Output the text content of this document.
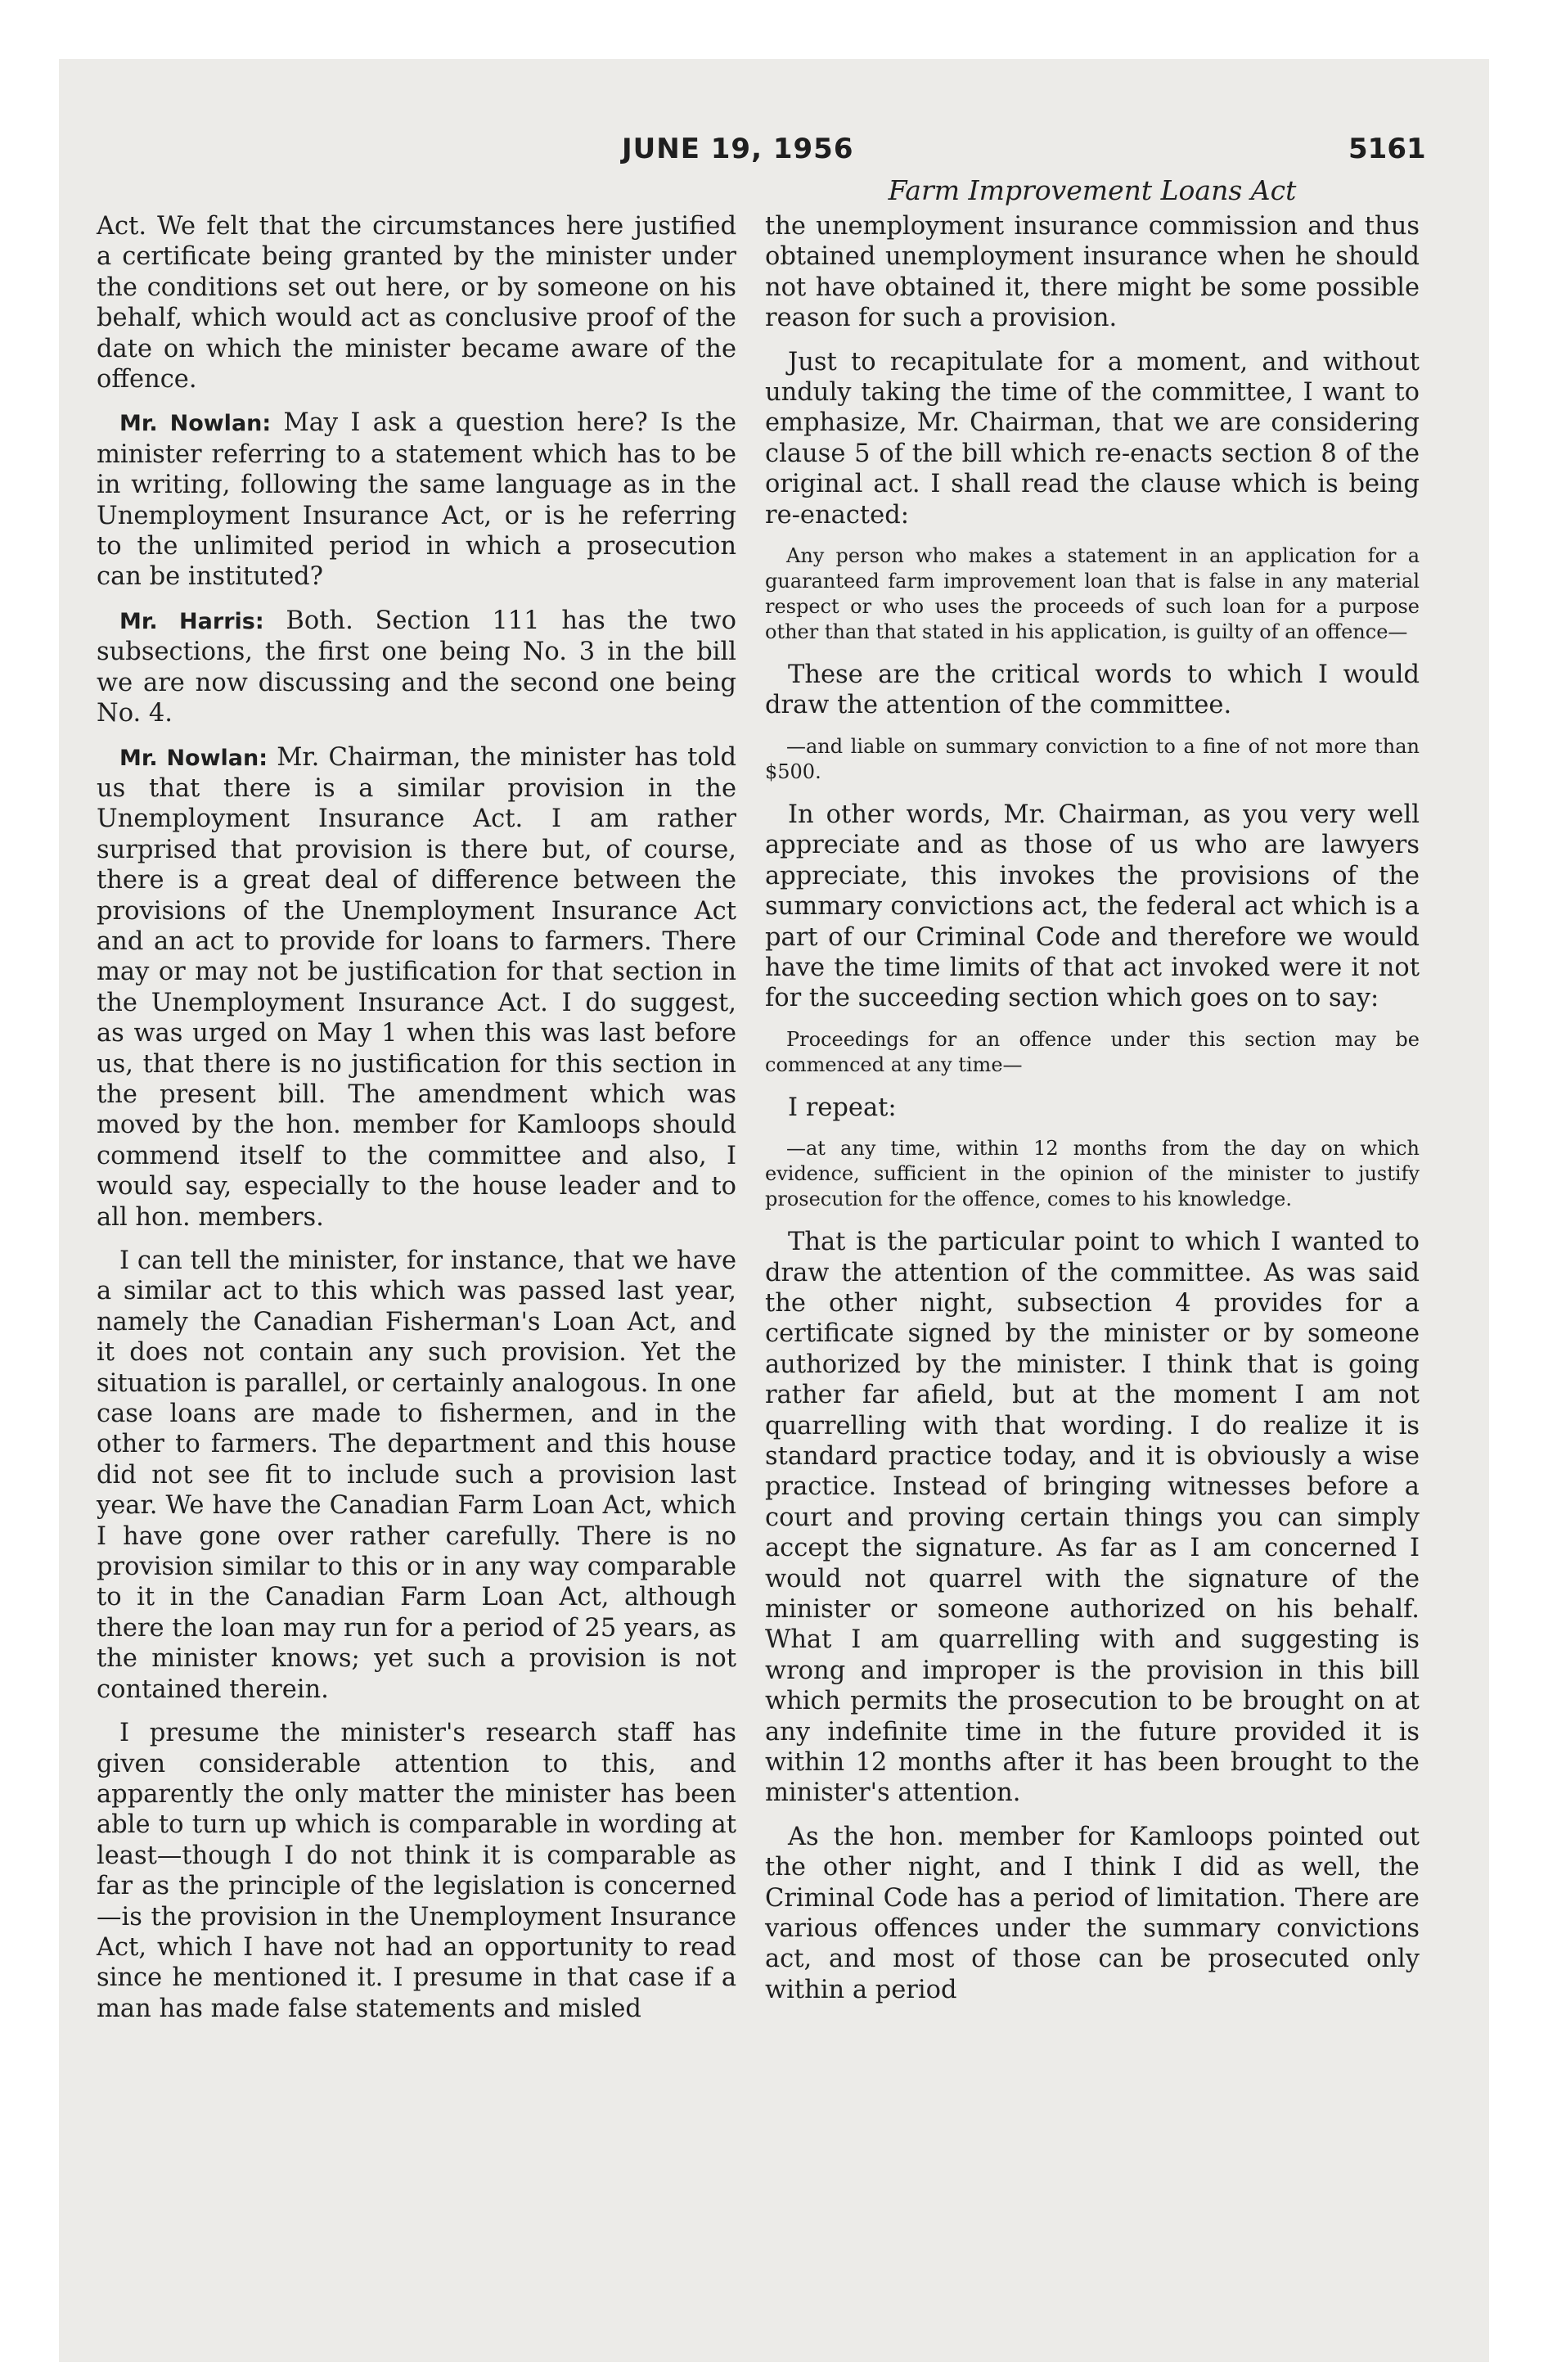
JUNE 19, 1956	5161
Farm Improvement Loans Act

Act. We felt that the circumstances here justified a certificate being granted by the minister under the conditions set out here, or by someone on his behalf, which would act as conclusive proof of the date on which the minister became aware of the offence.

Mr. Nowlan: May I ask a question here? Is the minister referring to a statement which has to be in writing, following the same language as in the Unemployment Insurance Act, or is he referring to the unlimited period in which a prosecution can be instituted?

Mr. Harris: Both. Section 111 has the two subsections, the first one being No. 3 in the bill we are now discussing and the second one being No. 4.

Mr. Nowlan: Mr. Chairman, the minister has told us that there is a similar provision in the Unemployment Insurance Act. I am rather surprised that provision is there but, of course, there is a great deal of difference between the provisions of the Unemployment Insurance Act and an act to provide for loans to farmers. There may or may not be justification for that section in the Unemployment Insurance Act. I do suggest, as was urged on May 1 when this was last before us, that there is no justification for this section in the present bill. The amendment which was moved by the hon. member for Kamloops should commend itself to the committee and also, I would say, especially to the house leader and to all hon. members.

I can tell the minister, for instance, that we have a similar act to this which was passed last year, namely the Canadian Fisherman's Loan Act, and it does not contain any such provision. Yet the situation is parallel, or certainly analogous. In one case loans are made to fishermen, and in the other to farmers. The department and this house did not see fit to include such a provision last year. We have the Canadian Farm Loan Act, which I have gone over rather carefully. There is no provision similar to this or in any way comparable to it in the Canadian Farm Loan Act, although there the loan may run for a period of 25 years, as the minister knows; yet such a provision is not contained therein.

I presume the minister's research staff has given considerable attention to this, and apparently the only matter the minister has been able to turn up which is comparable in wording at least—though I do not think it is comparable as far as the principle of the legislation is concerned—is the provision in the Unemployment Insurance Act, which I have not had an opportunity to read since he mentioned it. I presume in that case if a man has made false statements and misled

the unemployment insurance commission and thus obtained unemployment insurance when he should not have obtained it, there might be some possible reason for such a provision.

Just to recapitulate for a moment, and without unduly taking the time of the committee, I want to emphasize, Mr. Chairman, that we are considering clause 5 of the bill which re-enacts section 8 of the original act. I shall read the clause which is being re-enacted:

Any person who makes a statement in an application for a guaranteed farm improvement loan that is false in any material respect or who uses the proceeds of such loan for a purpose other than that stated in his application, is guilty of an offence—

These are the critical words to which I would draw the attention of the committee.

—and liable on summary conviction to a fine of not more than $500.

In other words, Mr. Chairman, as you very well appreciate and as those of us who are lawyers appreciate, this invokes the provisions of the summary convictions act, the federal act which is a part of our Criminal Code and therefore we would have the time limits of that act invoked were it not for the succeeding section which goes on to say:

Proceedings for an offence under this section may be commenced at any time—

I repeat:

—at any time, within 12 months from the day on which evidence, sufficient in the opinion of the minister to justify prosecution for the offence, comes to his knowledge.

That is the particular point to which I wanted to draw the attention of the committee. As was said the other night, subsection 4 provides for a certificate signed by the minister or by someone authorized by the minister. I think that is going rather far afield, but at the moment I am not quarrelling with that wording. I do realize it is standard practice today, and it is obviously a wise practice. Instead of bringing witnesses before a court and proving certain things you can simply accept the signature. As far as I am concerned I would not quarrel with the signature of the minister or someone authorized on his behalf. What I am quarrelling with and suggesting is wrong and improper is the provision in this bill which permits the prosecution to be brought on at any indefinite time in the future provided it is within 12 months after it has been brought to the minister's attention.

As the hon. member for Kamloops pointed out the other night, and I think I did as well, the Criminal Code has a period of limitation. There are various offences under the summary convictions act, and most of those can be prosecuted only within a period
